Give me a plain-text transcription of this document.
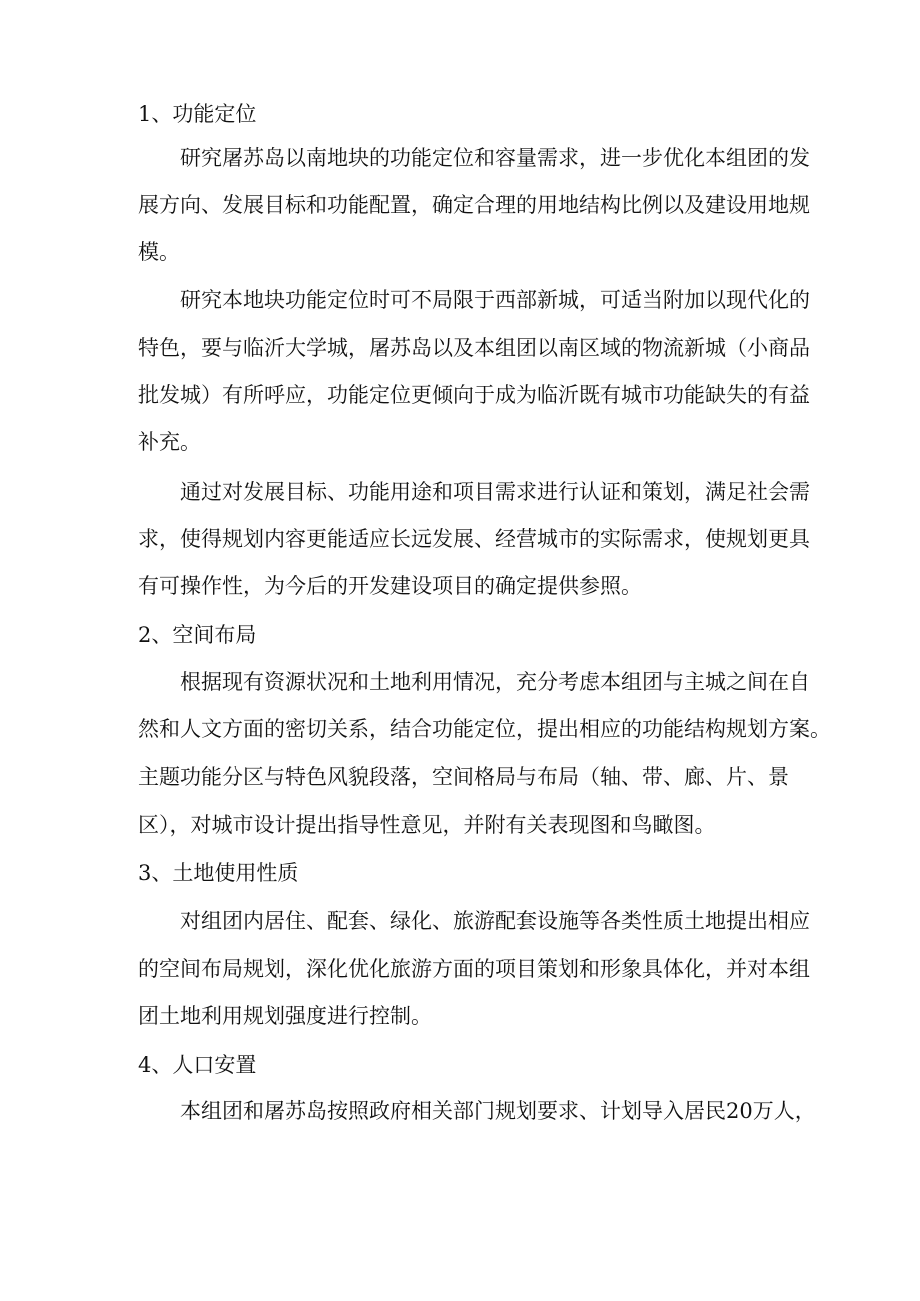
1、功能定位
研究屠苏岛以南地块的功能定位和容量需求，进一步优化本组团的发
展方向、发展目标和功能配置，确定合理的用地结构比例以及建设用地规
模。
研究本地块功能定位时可不局限于西部新城，可适当附加以现代化的
特色，要与临沂大学城，屠苏岛以及本组团以南区域的物流新城（小商品
批发城）有所呼应，功能定位更倾向于成为临沂既有城市功能缺失的有益
补充。
通过对发展目标、功能用途和项目需求进行认证和策划，满足社会需
求，使得规划内容更能适应长远发展、经营城市的实际需求，使规划更具
有可操作性，为今后的开发建设项目的确定提供参照。
2、空间布局
根据现有资源状况和土地利用情况，充分考虑本组团与主城之间在自
然和人文方面的密切关系，结合功能定位，提出相应的功能结构规划方案。
主题功能分区与特色风貌段落，空间格局与布局（轴、带、廊、片、景
区），对城市设计提出指导性意见，并附有关表现图和鸟瞰图。
3、土地使用性质
对组团内居住、配套、绿化、旅游配套设施等各类性质土地提出相应
的空间布局规划，深化优化旅游方面的项目策划和形象具体化，并对本组
团土地利用规划强度进行控制。
4、人口安置
本组团和屠苏岛按照政府相关部门规划要求、计划导入居民20万人，
